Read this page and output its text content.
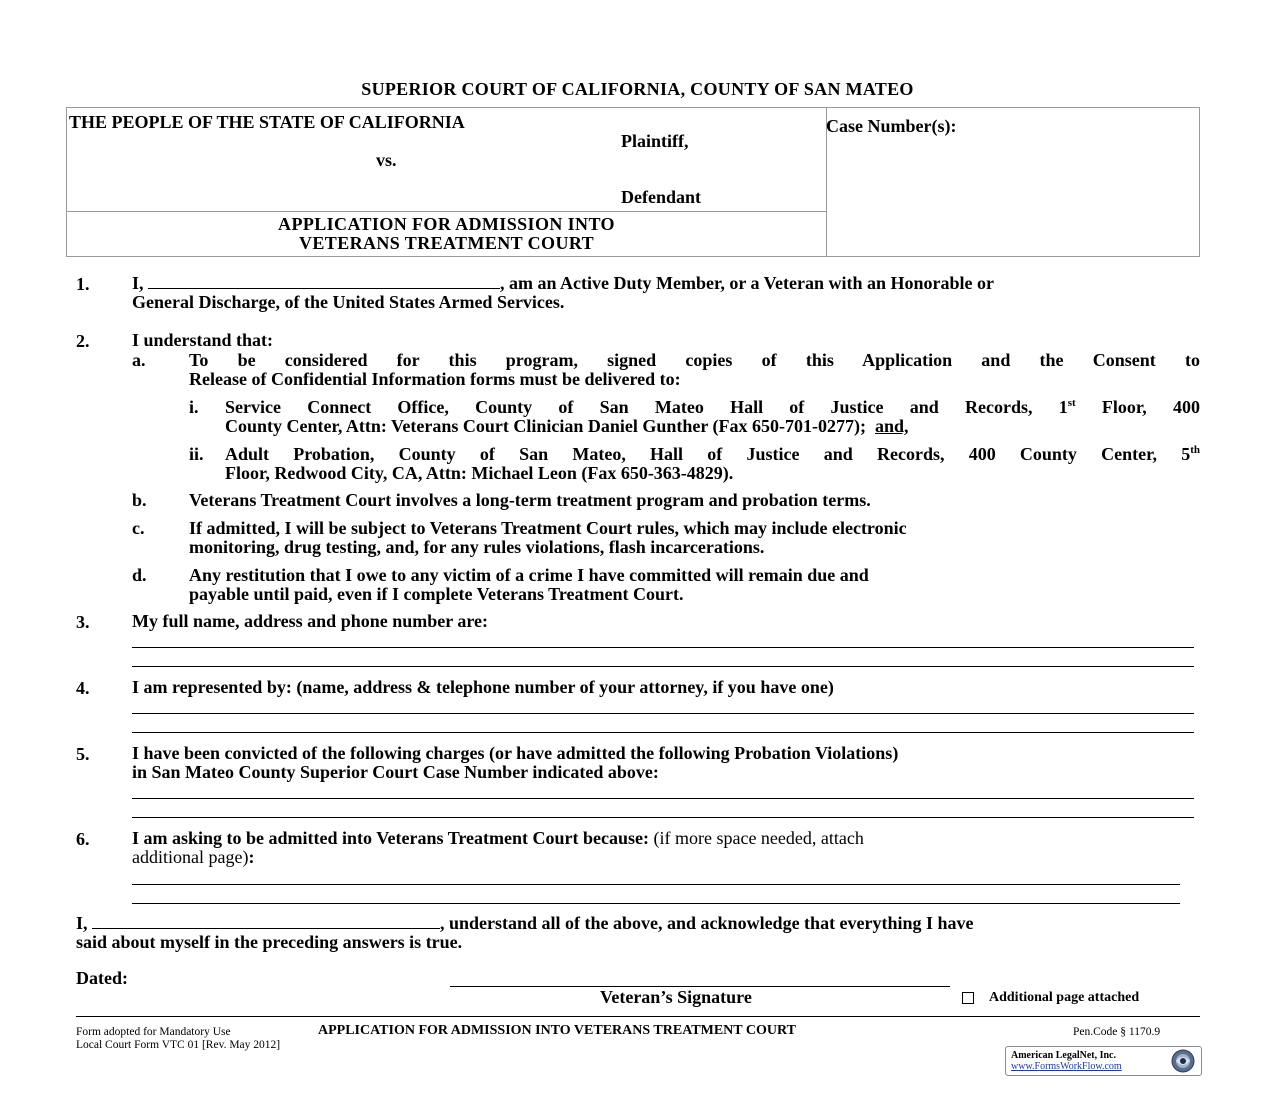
SUPERIOR COURT OF CALIFORNIA, COUNTY OF SAN MATEO
THE PEOPLE OF THE STATE OF CALIFORNIA
Plaintiff,
vs.
Defendant
APPLICATION FOR ADMISSION INTO
VETERANS TREATMENT COURT
Case Number(s):
1. I,	, am an Active Duty Member, or a Veteran with an Honorable or
General Discharge, of the United States Armed Services.
2. I understand that:
a. To be considered for this program, signed copies of this Application and the Consent to
Release of Confidential Information forms must be delivered to:
i. Service Connect Office, County of San Mateo Hall of Justice and Records, 1st Floor, 400
County Center, Attn: Veterans Court Clinician Daniel Gunther (Fax 650-701-0277); and,
ii. Adult Probation, County of San Mateo, Hall of Justice and Records, 400 County Center, 5th
Floor, Redwood City, CA, Attn: Michael Leon (Fax 650-363-4829).
b. Veterans Treatment Court involves a long-term treatment program and probation terms.
c. If admitted, I will be subject to Veterans Treatment Court rules, which may include electronic
monitoring, drug testing, and, for any rules violations, flash incarcerations.
d. Any restitution that I owe to any victim of a crime I have committed will remain due and
payable until paid, even if I complete Veterans Treatment Court.
3. My full name, address and phone number are:
4. I am represented by: (name, address & telephone number of your attorney, if you have one)
5. I have been convicted of the following charges (or have admitted the following Probation Violations)
in San Mateo County Superior Court Case Number indicated above:
6. I am asking to be admitted into Veterans Treatment Court because: (if more space needed, attach
additional page):
I,	, understand all of the above, and acknowledge that everything I have
said about myself in the preceding answers is true.
Dated:
Veteran’s Signature	Additional page attached
Form adopted for Mandatory Use
Local Court Form VTC 01 [Rev. May 2012]
APPLICATION FOR ADMISSION INTO VETERANS TREATMENT COURT	Pen.Code § 1170.9
American LegalNet, Inc.
www.FormsWorkFlow.com
